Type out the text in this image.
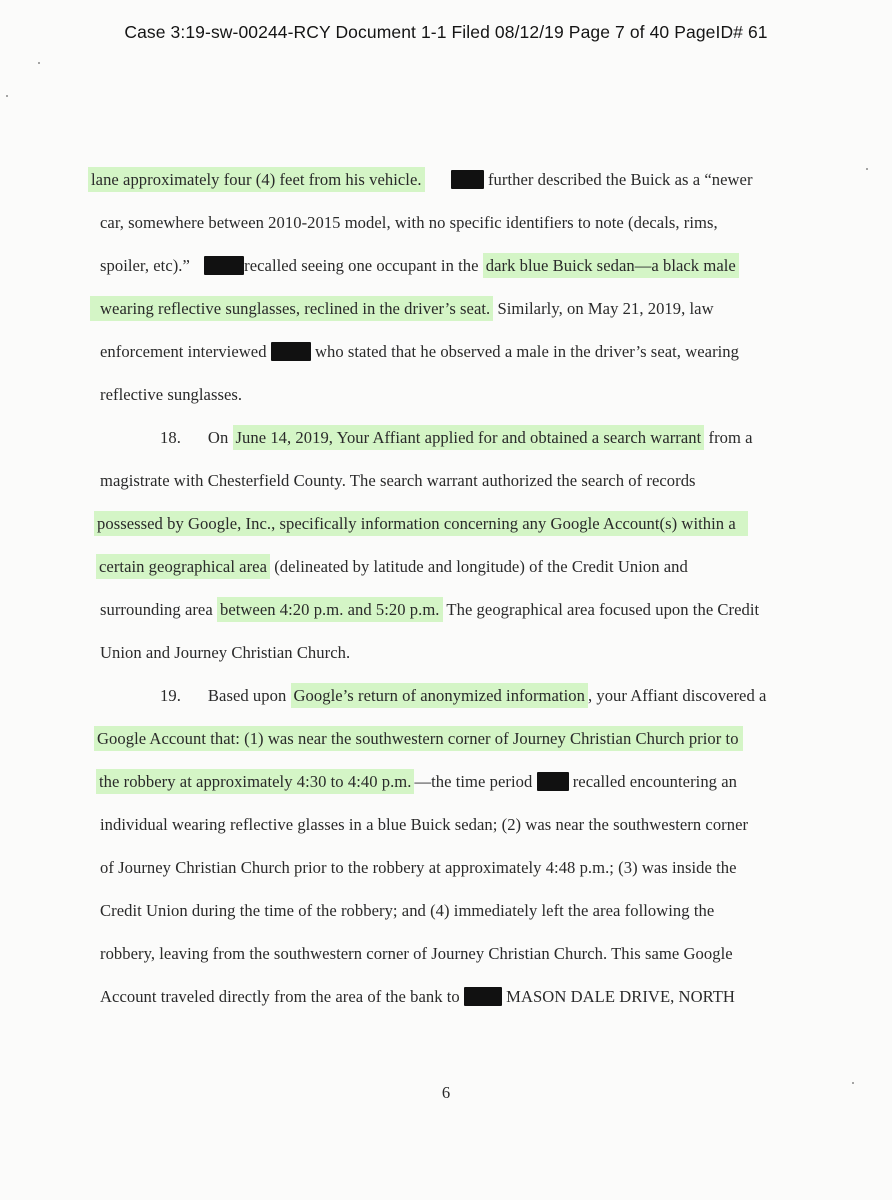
Case 3:19-sw-00244-RCY Document 1-1 Filed 08/12/19 Page 7 of 40 PageID# 61
lane approximately four (4) feet from his vehicle.	further described the Buick as a “newer
car, somewhere between 2010-2015 model, with no specific identifiers to note (decals, rims,
spoiler, etc).”	recalled seeing one occupant in the dark blue Buick sedan—a black male
wearing reflective sunglasses, reclined in the driver’s seat. Similarly, on May 21, 2019, law
enforcement interviewed  who stated that he observed a male in the driver’s seat, wearing
reflective sunglasses.
18. On June 14, 2019, Your Affiant applied for and obtained a search warrant from a
magistrate with Chesterfield County. The search warrant authorized the search of records
possessed by Google, Inc., specifically information concerning any Google Account(s) within a
certain geographical area (delineated by latitude and longitude) of the Credit Union and
surrounding area between 4:20 p.m. and 5:20 p.m. The geographical area focused upon the Credit
Union and Journey Christian Church.
19. Based upon Google’s return of anonymized information , your Affiant discovered a
Google Account that: (1) was near the southwestern corner of Journey Christian Church prior to
the robbery at approximately 4:30 to 4:40 p.m. —the time period  recalled encountering an
individual wearing reflective glasses in a blue Buick sedan; (2) was near the southwestern corner
of Journey Christian Church prior to the robbery at approximately 4:48 p.m.; (3) was inside the
Credit Union during the time of the robbery; and (4) immediately left the area following the
robbery, leaving from the southwestern corner of Journey Christian Church. This same Google
Account traveled directly from the area of the bank to  MASON DALE DRIVE, NORTH
6
